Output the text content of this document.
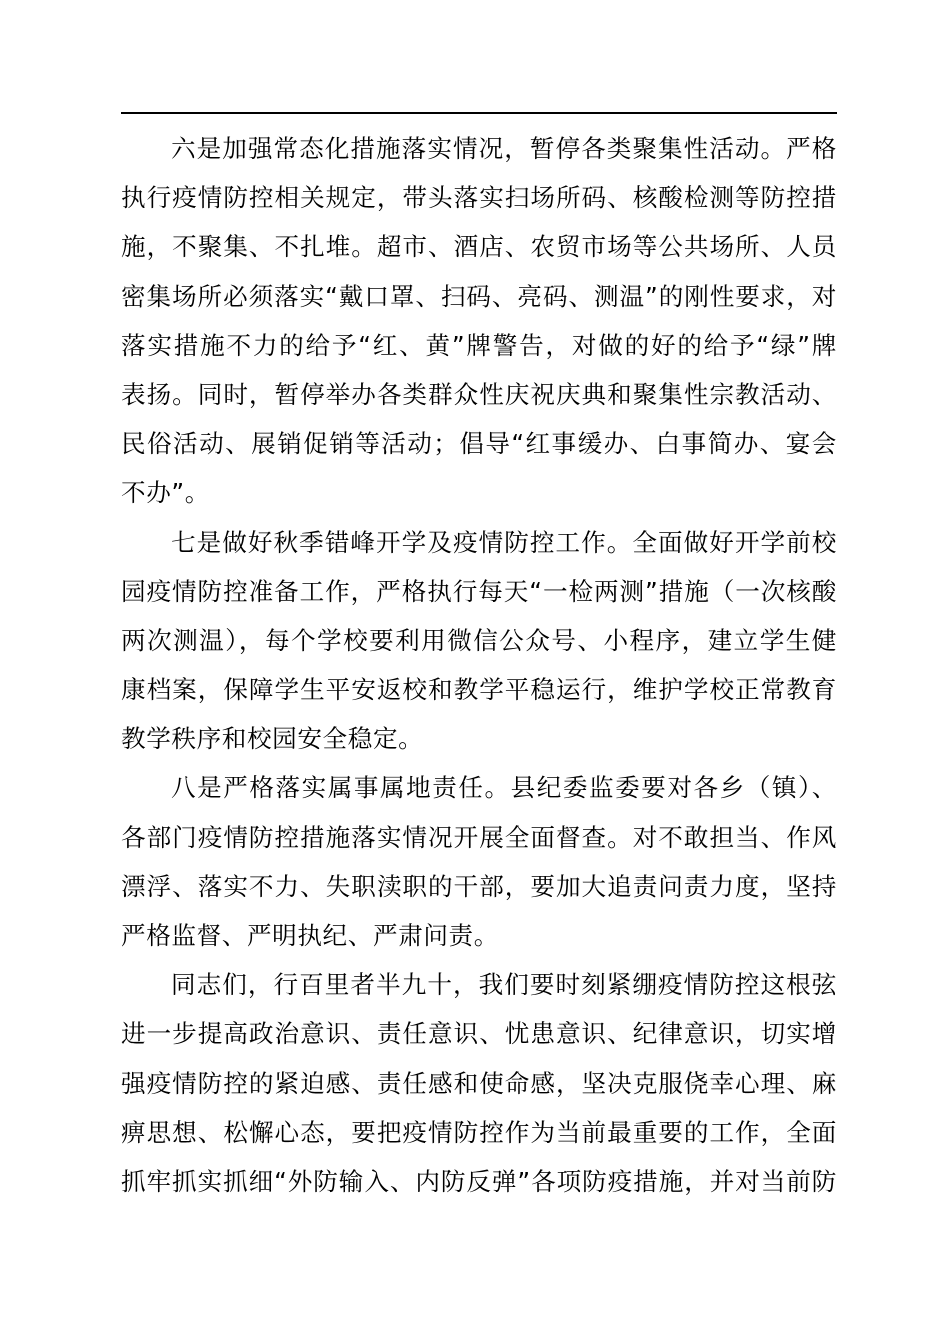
六是加强常态化措施落实情况，暂停各类聚集性活动。严格
执行疫情防控相关规定，带头落实扫场所码、核酸检测等防控措
施，不聚集、不扎堆。超市、酒店、农贸市场等公共场所、人员
密集场所必须落实“戴口罩、扫码、亮码、测温”的刚性要求，对
落实措施不力的给予“红、黄”牌警告，对做的好的给予“绿”牌
表扬。同时，暂停举办各类群众性庆祝庆典和聚集性宗教活动、
民俗活动、展销促销等活动；倡导“红事缓办、白事简办、宴会
不办”。
七是做好秋季错峰开学及疫情防控工作。全面做好开学前校
园疫情防控准备工作，严格执行每天“一检两测”措施（一次核酸
两次测温），每个学校要利用微信公众号、小程序，建立学生健
康档案，保障学生平安返校和教学平稳运行，维护学校正常教育
教学秩序和校园安全稳定。
八是严格落实属事属地责任。县纪委监委要对各乡（镇）、
各部门疫情防控措施落实情况开展全面督查。对不敢担当、作风
漂浮、落实不力、失职渎职的干部，要加大追责问责力度，坚持
严格监督、严明执纪、严肃问责。
同志们，行百里者半九十，我们要时刻紧绷疫情防控这根弦
进一步提高政治意识、责任意识、忧患意识、纪律意识，切实增
强疫情防控的紧迫感、责任感和使命感，坚决克服侥幸心理、麻
痹思想、松懈心态，要把疫情防控作为当前最重要的工作，全面
抓牢抓实抓细“外防输入、内防反弹”各项防疫措施，并对当前防
